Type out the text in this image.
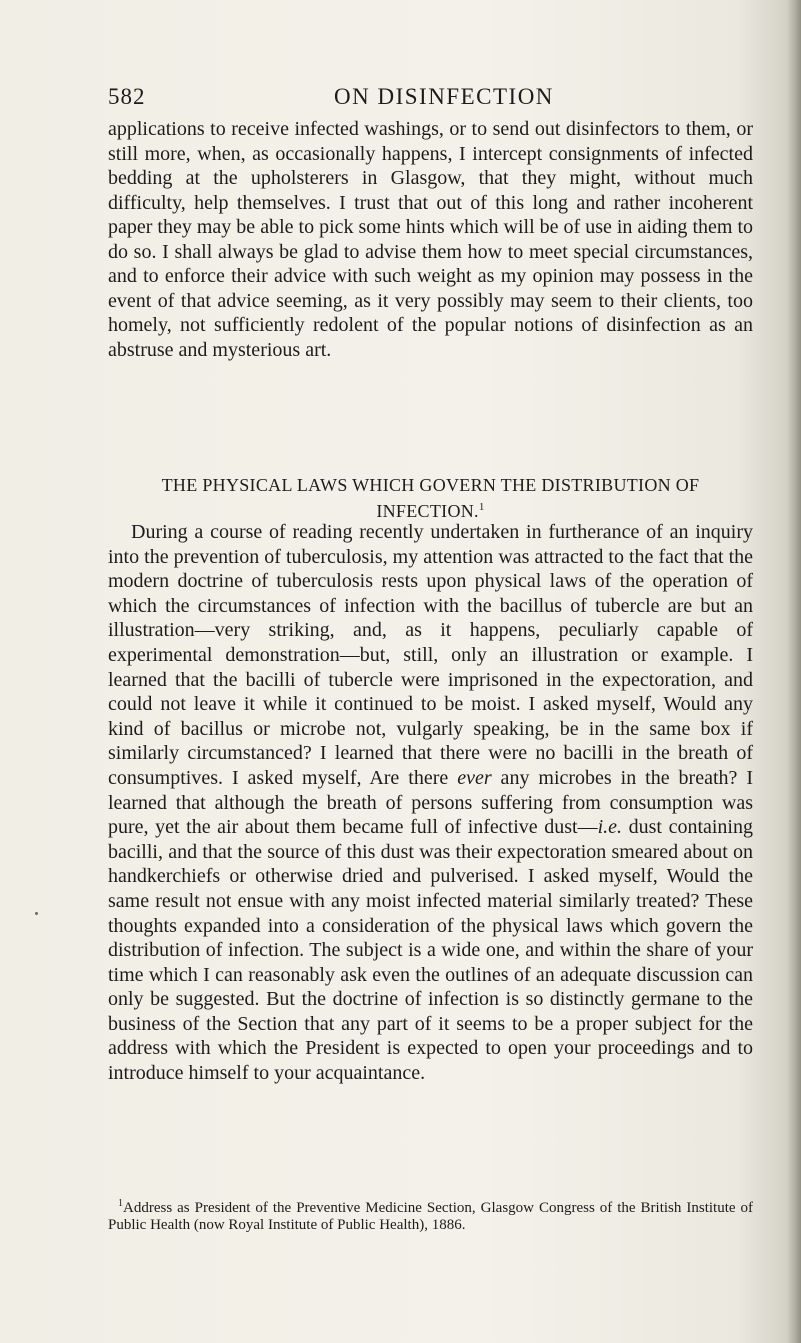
582	ON DISINFECTION

applications to receive infected washings, or to send out disinfectors to them, or still more, when, as occasionally happens, I intercept consignments of infected bedding at the upholsterers in Glasgow, that they might, without much difficulty, help themselves. I trust that out of this long and rather incoherent paper they may be able to pick some hints which will be of use in aiding them to do so. I shall always be glad to advise them how to meet special circumstances, and to enforce their advice with such weight as my opinion may possess in the event of that advice seeming, as it very possibly may seem to their clients, too homely, not sufficiently redolent of the popular notions of disinfection as an abstruse and mysterious art.

THE PHYSICAL LAWS WHICH GOVERN THE DISTRIBUTION OF INFECTION.$^1$

During a course of reading recently undertaken in furtherance of an inquiry into the prevention of tuberculosis, my attention was attracted to the fact that the modern doctrine of tuberculosis rests upon physical laws of the operation of which the circumstances of infection with the bacillus of tubercle are but an illustration—very striking, and, as it happens, peculiarly capable of experimental demonstration—but, still, only an illustration or example. I learned that the bacilli of tubercle were imprisoned in the expectoration, and could not leave it while it continued to be moist. I asked myself, Would any kind of bacillus or microbe not, vulgarly speaking, be in the same box if similarly circumstanced? I learned that there were no bacilli in the breath of consumptives. I asked myself, Are there ever any microbes in the breath? I learned that although the breath of persons suffering from consumption was pure, yet the air about them became full of infective dust—i.e. dust containing bacilli, and that the source of this dust was their expectoration smeared about on handkerchiefs or otherwise dried and pulverised. I asked myself, Would the same result not ensue with any moist infected material similarly treated? These thoughts expanded into a consideration of the physical laws which govern the distribution of infection. The subject is a wide one, and within the share of your time which I can reasonably ask even the outlines of an adequate discussion can only be suggested. But the doctrine of infection is so distinctly germane to the business of the Section that any part of it seems to be a proper subject for the address with which the President is expected to open your proceedings and to introduce himself to your acquaintance.

$^1$Address as President of the Preventive Medicine Section, Glasgow Congress of the British Institute of Public Health (now Royal Institute of Public Health), 1886.
